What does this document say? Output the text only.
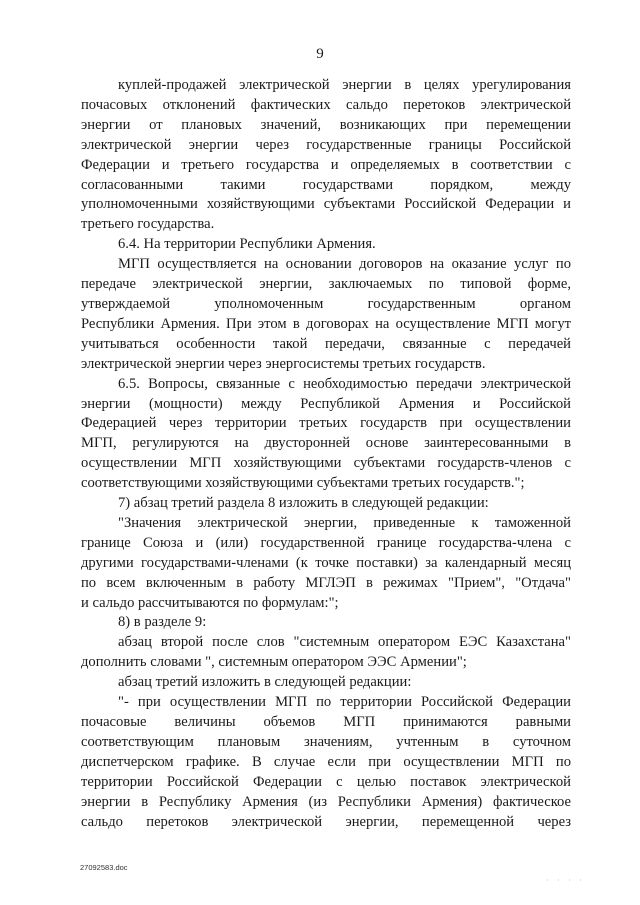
9

куплей-продажей электрической энергии в целях урегулирования

почасовых отклонений фактических сальдо перетоков электрической

энергии от плановых значений, возникающих при перемещении

электрической энергии через государственные границы Российской

Федерации и третьего государства и определяемых в соответствии с

согласованными такими государствами порядком, между

уполномоченными хозяйствующими субъектами Российской Федерации и

третьего государства.

6.4. На территории Республики Армения.

МГП осуществляется на основании договоров на оказание услуг по

передаче электрической энергии, заключаемых по типовой форме,

утверждаемой уполномоченным государственным органом

Республики Армения. При этом в договорах на осуществление МГП могут

учитываться особенности такой передачи, связанные с передачей

электрической энергии через энергосистемы третьих государств.

6.5. Вопросы, связанные с необходимостью передачи электрической

энергии (мощности) между Республикой Армения и Российской

Федерацией через территории третьих государств при осуществлении

МГП, регулируются на двусторонней основе заинтересованными в

осуществлении МГП хозяйствующими субъектами государств-членов с

соответствующими хозяйствующими субъектами третьих государств.";

7) абзац третий раздела 8 изложить в следующей редакции:

"Значения электрической энергии, приведенные к таможенной

границе Союза и (или) государственной границе государства-члена с

другими государствами-членами (к точке поставки) за календарный месяц

по всем включенным в работу МГЛЭП в режимах "Прием", "Отдача"

и сальдо рассчитываются по формулам:";

8) в разделе 9:

абзац второй после слов "системным оператором ЕЭС Казахстана"

дополнить словами ", системным оператором ЭЭС Армении";

абзац третий изложить в следующей редакции:

"- при осуществлении МГП по территории Российской Федерации

почасовые величины объемов МГП принимаются равными

соответствующим плановым значениям, учтенным в суточном

диспетчерском графике. В случае если при осуществлении МГП по

территории Российской Федерации с целью поставок электрической

энергии в Республику Армения (из Республики Армения) фактическое

сальдо перетоков электрической энергии, перемещенной через

27092583.doc
· · · ·
